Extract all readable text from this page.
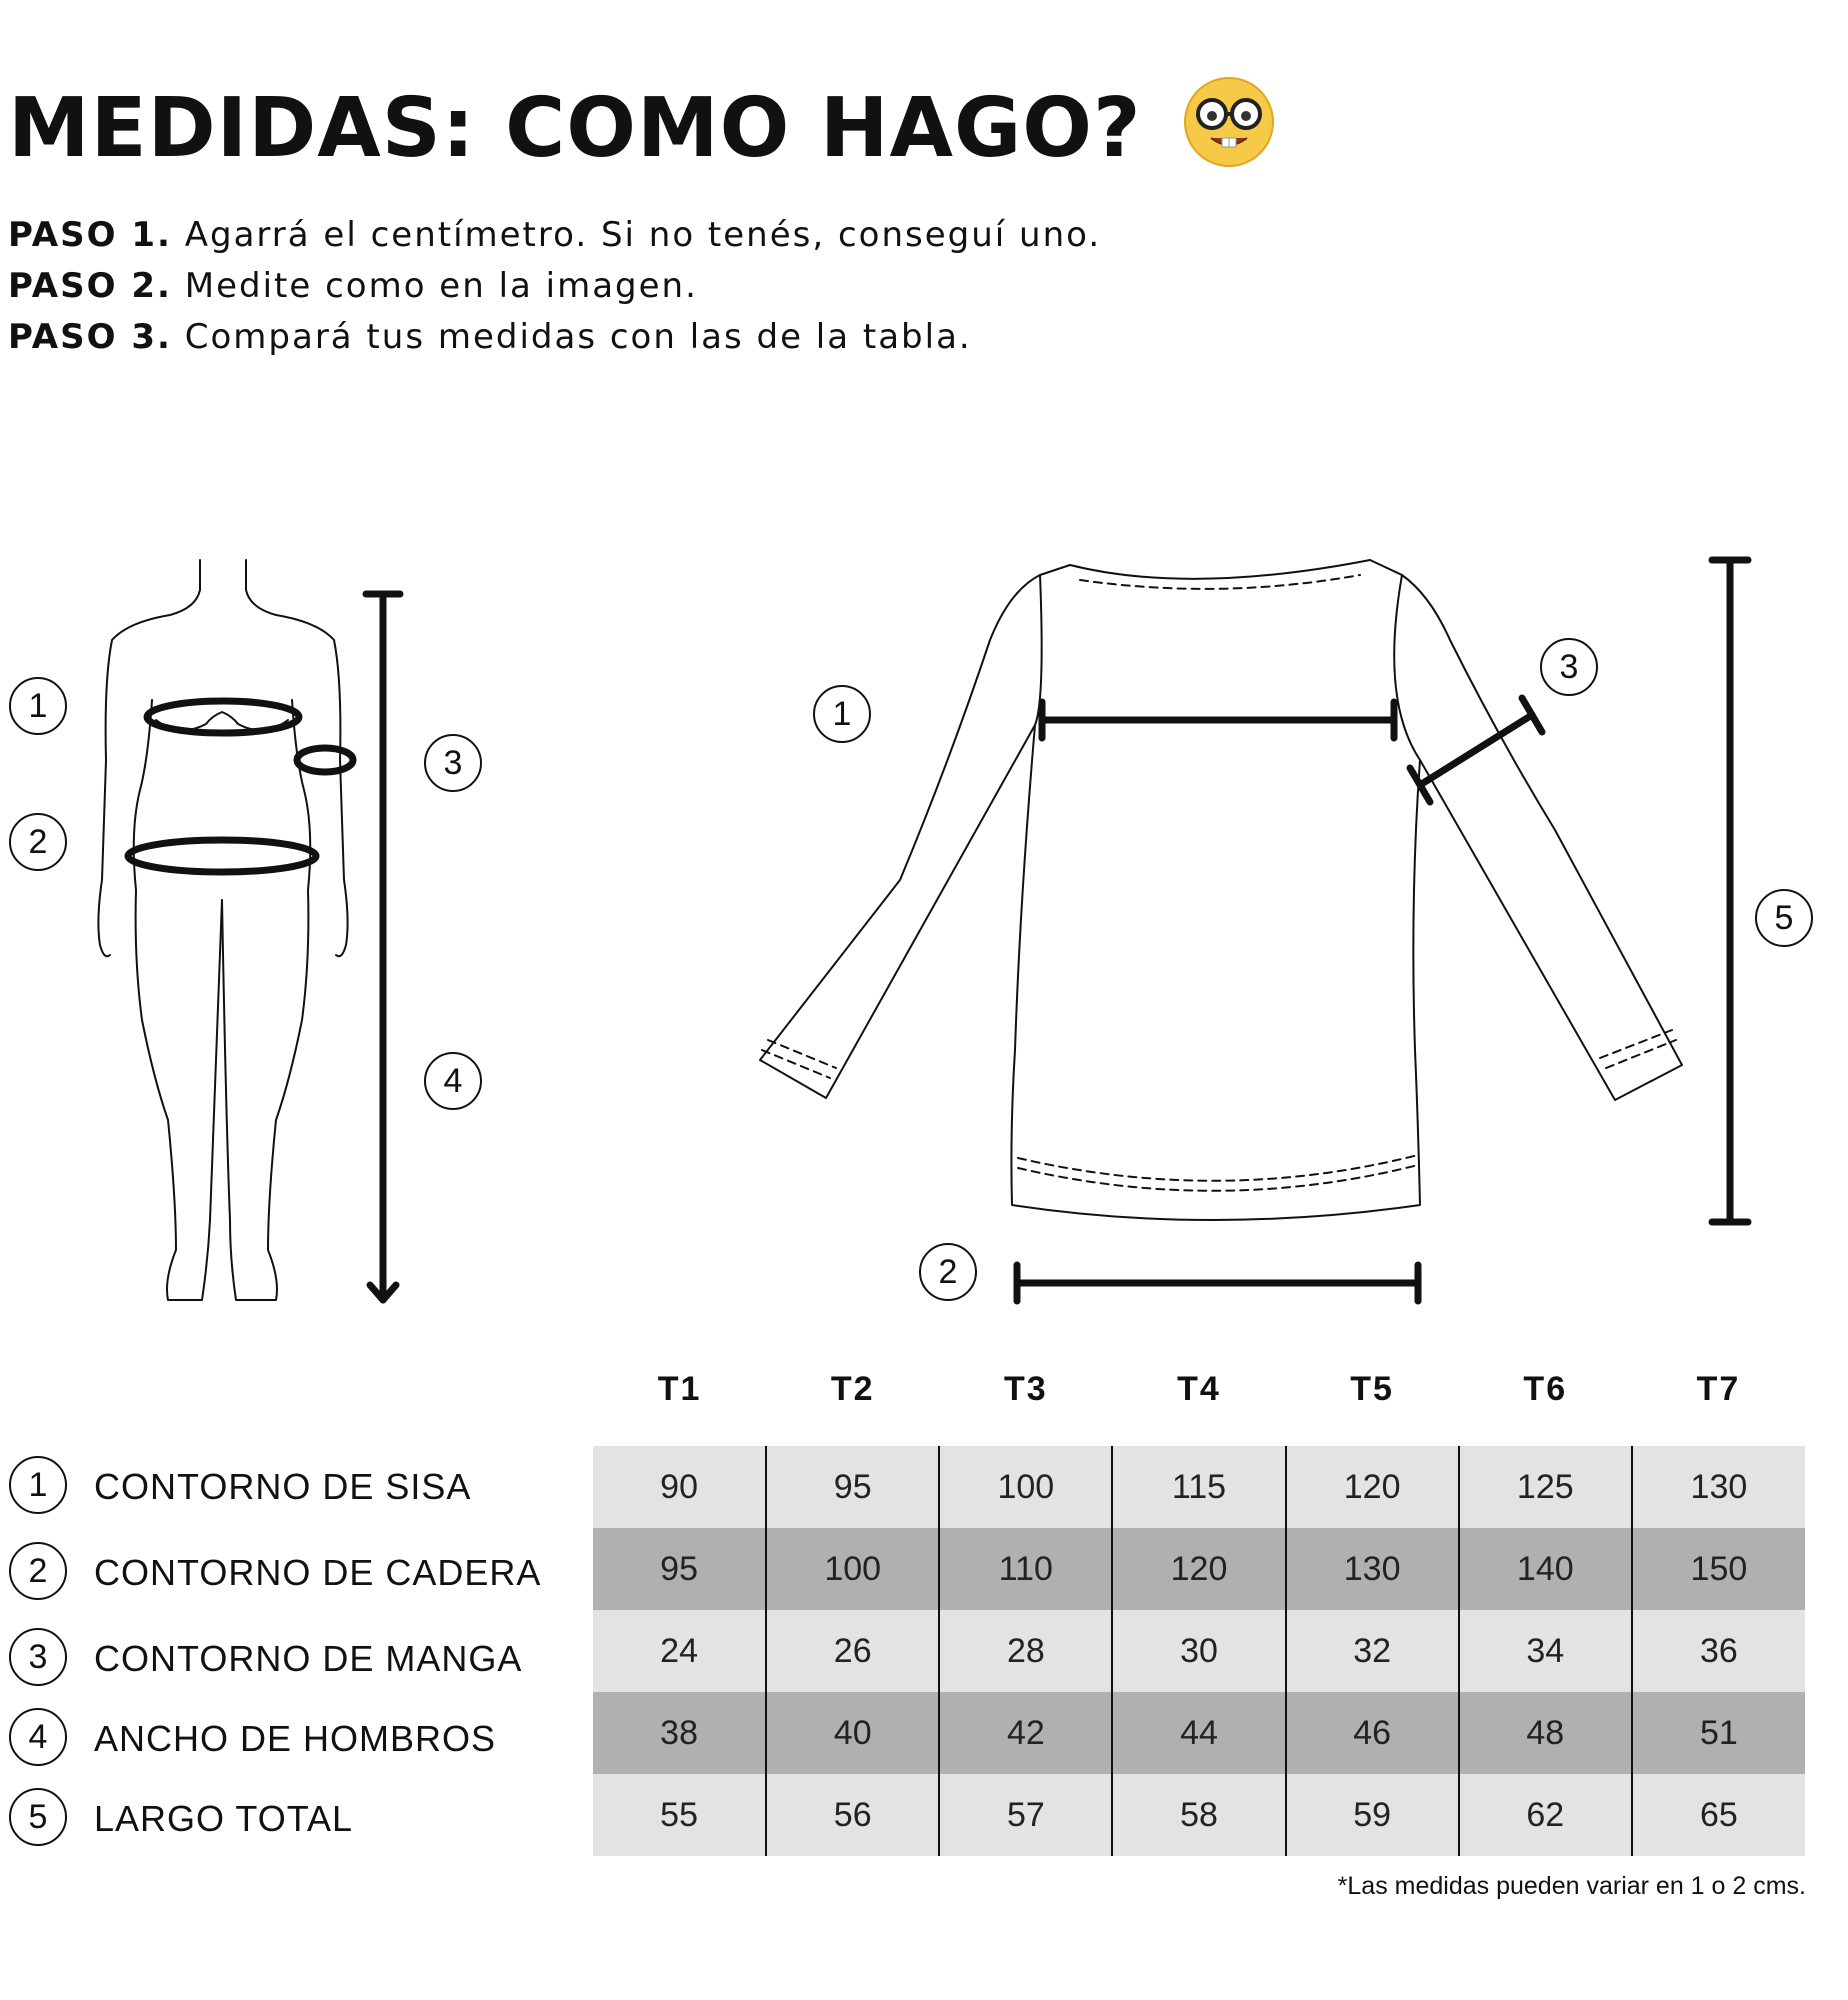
MEDIDAS: COMO HAGO?
PASO 1. Agarrá el centímetro. Si no tenés, conseguí uno.
PASO 2. Medite como en la imagen.
PASO 3. Compará tus medidas con las de la tabla.
1
2
3
4
1
2
3
5
1	CONTORNO DE SISA
2	CONTORNO DE CADERA
3	CONTORNO DE MANGA
4	ANCHO DE HOMBROS
5	LARGO TOTAL
T1	T2	T3	T4	T5	T6	T7
90	95	100	115	120	125	130
95	100	110	120	130	140	150
24	26	28	30	32	34	36
38	40	42	44	46	48	51
55	56	57	58	59	62	65
*Las medidas pueden variar en 1 o 2 cms.
